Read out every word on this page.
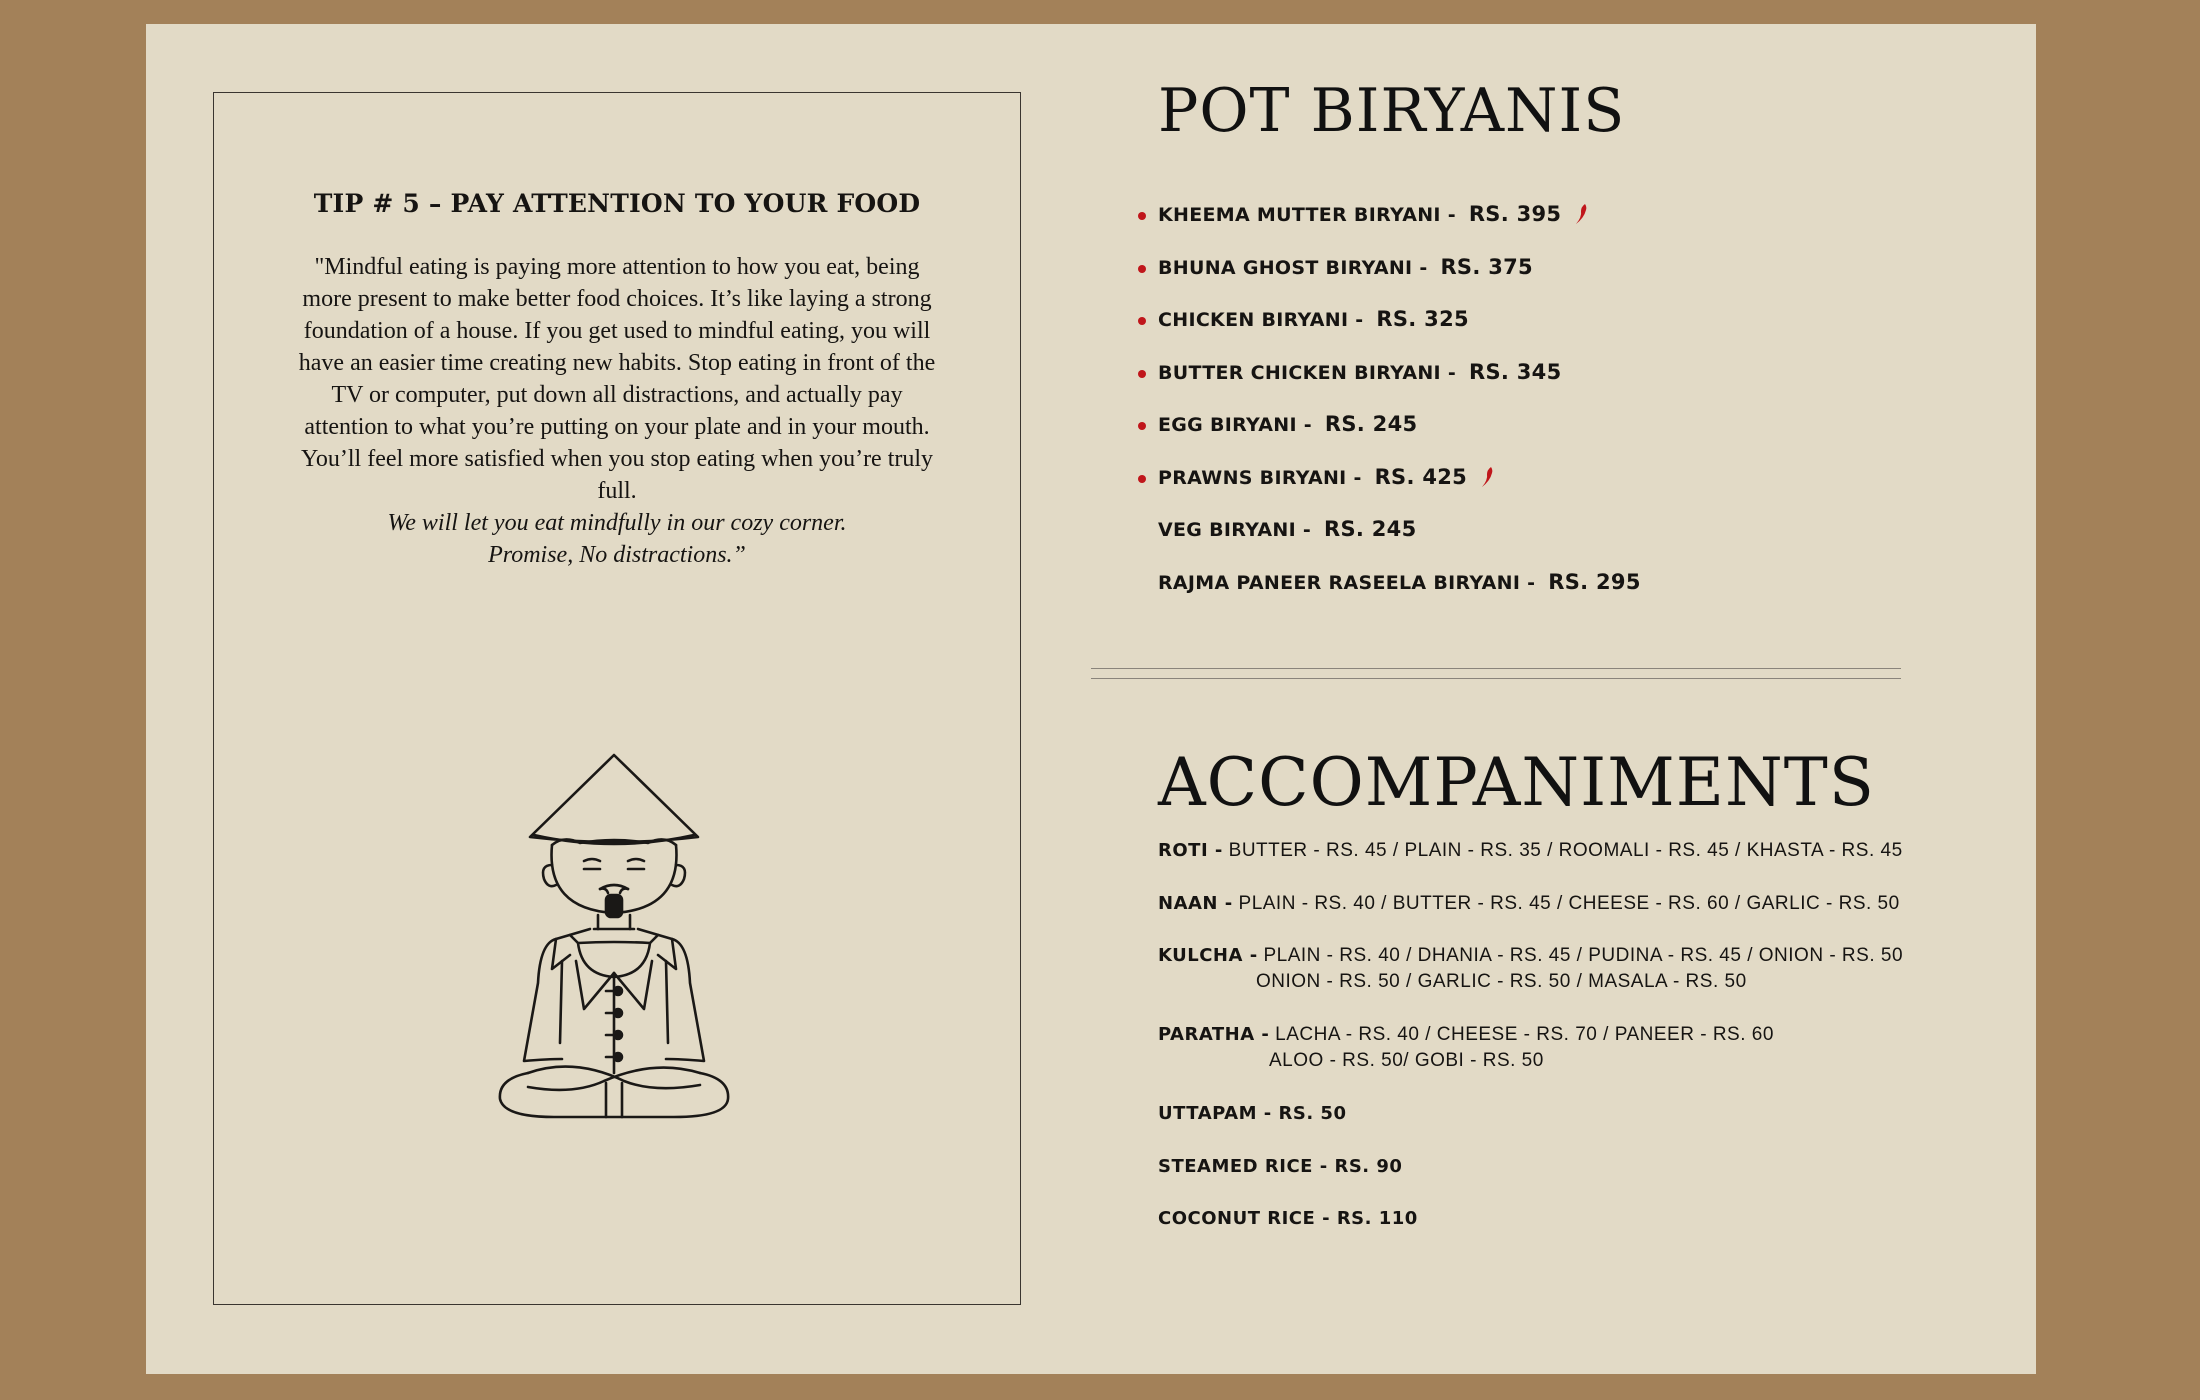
TIP # 5 – PAY ATTENTION TO YOUR FOOD

"Mindful eating is paying more attention to how you eat, being more present to make better food choices. It’s like laying a strong foundation of a house. If you get used to mindful eating, you will have an easier time creating new habits. Stop eating in front of the TV or computer, put down all distractions, and actually pay attention to what you’re putting on your plate and in your mouth. You’ll feel more satisfied when you stop eating when you’re truly full.
We will let you eat mindfully in our cozy corner.
Promise, No distractions.”

POT BIRYANIS
KHEEMA MUTTER BIRYANI - RS. 395
BHUNA GHOST BIRYANI - RS. 375
CHICKEN BIRYANI - RS. 325
BUTTER CHICKEN BIRYANI - RS. 345
EGG BIRYANI - RS. 245
PRAWNS BIRYANI - RS. 425
VEG BIRYANI - RS. 245
RAJMA PANEER RASEELA BIRYANI - RS. 295
ACCOMPANIMENTS
ROTI - BUTTER - RS. 45 / PLAIN - RS. 35 / ROOMALI - RS. 45 / KHASTA - RS. 45
NAAN - PLAIN - RS. 40 / BUTTER - RS. 45 / CHEESE - RS. 60 / GARLIC - RS. 50
KULCHA - PLAIN - RS. 40 / DHANIA - RS. 45 / PUDINA - RS. 45 / ONION - RS. 50
ONION - RS. 50 / GARLIC - RS. 50 / MASALA - RS. 50
PARATHA - LACHA - RS. 40 / CHEESE - RS. 70 / PANEER - RS. 60
ALOO - RS. 50/ GOBI - RS. 50
UTTAPAM - RS. 50
STEAMED RICE - RS. 90
COCONUT RICE - RS. 110
